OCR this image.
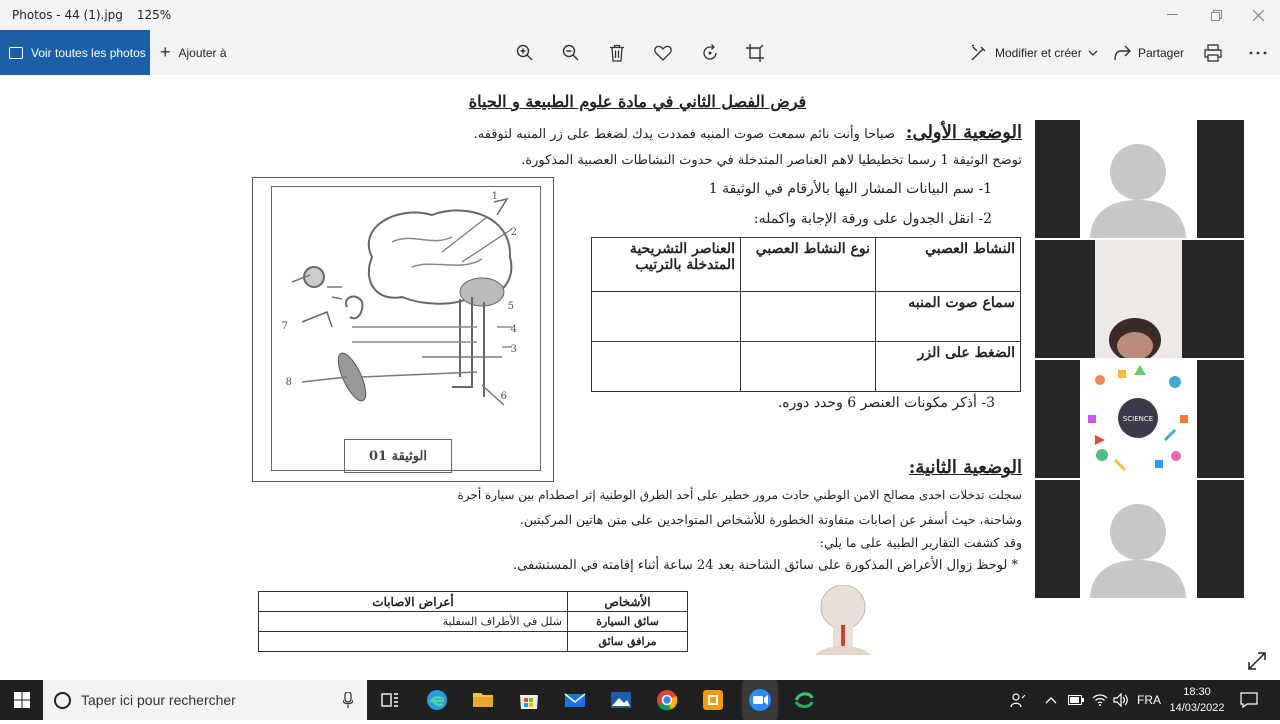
Photos - 44 (1).jpg 125%
Voir toutes les photos + Ajouter à	Modifier et créer	Partager
فرض الفصل الثاني في مادة علوم الطبيعة و الحياة
الوضعية الأولى:
صباحا وأنت نائم سمعت صوت المنبه فمددت يدك لضغط على زر المنبه لتوقفه.
توضح الوثيقة 1 رسما تخطيطيا لاهم العناصر المتدخلة في حدوث النشاطات العصبية المذكورة.
1- سم البيانات المشار اليها بالأرقام في الوثيقة 1
2- انقل الجدول على ورقة الإجابة واكمله:
1
2
3
4
5
6
7
8
الوثيقة 01
النشاط العصبي	نوع النشاط العصبي	العناصر التشريحية المتدخلة بالترتيب
سماع صوت المنبه		
الضغط على الزر		
3- أذكر مكونات العنصر 6 وحدد دوره.
الوضعية الثانية:
سجلت تدخلات احدى مصالح الامن الوطني حادث مرور خطير على أحد الطرق الوطنية إثر اصطدام بين سيارة أجرة
وشاحنة، حيث أسفر عن إصابات متفاوتة الخطورة للأشخاص المتواجدين على متن هاتين المركبتين.
وقد كشفت التقارير الطبية على ما يلي:
* لوحظ زوال الأعراض المذكورة على سائق الشاحنة بعد 24 ساعة أثناء إقامته في المستشفى.
الأشخاص	أعراض الاصابات
سائق السيارة	شلل في الأطراف السفلية
مرافق سائق	
SCIENCE
Taper ici pour rechercher	FRA
18:30
14/03/2022
